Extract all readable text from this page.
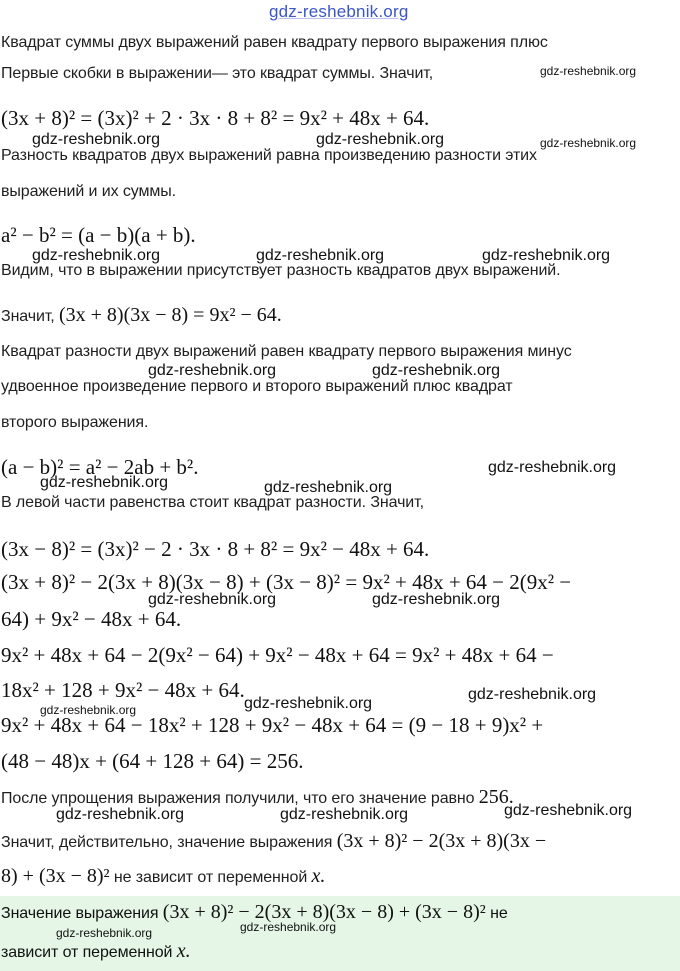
gdz-reshebnik.org
Квадрат суммы двух выражений равен квадрату первого выражения плюс
Первые скобки в выражении— это квадрат суммы. Значит,	gdz-reshebnik.org
(3x + 8)² = (3x)² + 2 · 3x · 8 + 8² = 9x² + 48x + 64.
gdz-reshebnik.org	gdz-reshebnik.org	gdz-reshebnik.org
Разность квадратов двух выражений равна произведению разности этих
выражений и их суммы.
a² − b² = (a − b)(a + b).
gdz-reshebnik.org	gdz-reshebnik.org	gdz-reshebnik.org
Видим, что в выражении присутствует разность квадратов двух выражений.
Значит, (3x + 8)(3x − 8) = 9x² − 64.
Квадрат разности двух выражений равен квадрату первого выражения минус
gdz-reshebnik.org	gdz-reshebnik.org
удвоенное произведение первого и второго выражений плюс квадрат
второго выражения.
(a − b)² = a² − 2ab + b².	gdz-reshebnik.org
gdz-reshebnik.org	gdz-reshebnik.org
В левой части равенства стоит квадрат разности. Значит,
(3x − 8)² = (3x)² − 2 · 3x · 8 + 8² = 9x² − 48x + 64.
(3x + 8)² − 2(3x + 8)(3x − 8) + (3x − 8)² = 9x² + 48x + 64 − 2(9x² −
gdz-reshebnik.org	gdz-reshebnik.org
64) + 9x² − 48x + 64.
9x² + 48x + 64 − 2(9x² − 64) + 9x² − 48x + 64 = 9x² + 48x + 64 −
18x² + 128 + 9x² − 48x + 64.
gdz-reshebnik.org
gdz-reshebnik.org
gdz-reshebnik.org
9x² + 48x + 64 − 18x² + 128 + 9x² − 48x + 64 = (9 − 18 + 9)x² +
(48 − 48)x + (64 + 128 + 64) = 256.
После упрощения выражения получили, что его значение равно 256.
gdz-reshebnik.org	gdz-reshebnik.org	gdz-reshebnik.org
Значит, действительно, значение выражения (3x + 8)² − 2(3x + 8)(3x −
8) + (3x − 8)² не зависит от переменной x.
Значение выражения (3x + 8)² − 2(3x + 8)(3x − 8) + (3x − 8)² не
зависит от переменной x.
gdz-reshebnik.org	gdz-reshebnik.org
